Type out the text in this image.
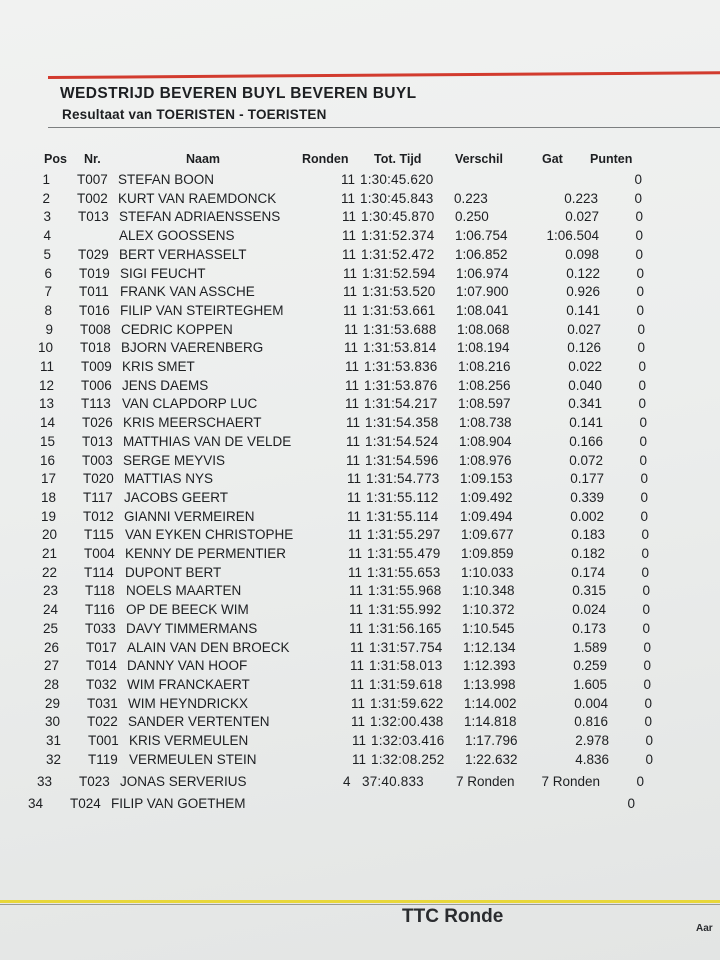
WEDSTRIJD BEVEREN BUYL BEVEREN BUYL
Resultaat van TOERISTEN - TOERISTEN
Pos Nr.	Naam	Ronden Tot. Tijd	Verschil	Gat Punten
1 T007 STEFAN BOON	11 1:30:45.620	0
2 T002 KURT VAN RAEMDONCK	11 1:30:45.843 0.223	0.223	0
3 T013 STEFAN ADRIAENSSENS	11 1:30:45.870 0.250	0.027	0
4	ALEX GOOSSENS	11 1:31:52.374 1:06.754	1:06.504	0
5 T029 BERT VERHASSELT	11 1:31:52.472 1:06.852	0.098	0
6 T019 SIGI FEUCHT	11 1:31:52.594 1:06.974	0.122	0
7 T011 FRANK VAN ASSCHE	11 1:31:53.520 1:07.900	0.926	0
8 T016 FILIP VAN STEIRTEGHEM	11 1:31:53.661 1:08.041	0.141	0
9 T008 CEDRIC KOPPEN	11 1:31:53.688 1:08.068	0.027	0
10 T018 BJORN VAERENBERG	11 1:31:53.814 1:08.194	0.126	0
11 T009 KRIS SMET	11 1:31:53.836 1:08.216	0.022	0
12 T006 JENS DAEMS	11 1:31:53.876 1:08.256	0.040	0
13 T113 VAN CLAPDORP LUC	11 1:31:54.217 1:08.597	0.341	0
14 T026 KRIS MEERSCHAERT	11 1:31:54.358 1:08.738	0.141	0
15 T013 MATTHIAS VAN DE VELDE	11 1:31:54.524 1:08.904	0.166	0
16 T003 SERGE MEYVIS	11 1:31:54.596 1:08.976	0.072	0
17 T020 MATTIAS NYS	11 1:31:54.773 1:09.153	0.177	0
18 T117 JACOBS GEERT	11 1:31:55.112 1:09.492	0.339	0
19 T012 GIANNI VERMEIREN	11 1:31:55.114 1:09.494	0.002	0
20 T115 VAN EYKEN CHRISTOPHE	11 1:31:55.297 1:09.677	0.183	0
21 T004 KENNY DE PERMENTIER	11 1:31:55.479 1:09.859	0.182	0
22 T114 DUPONT BERT	11 1:31:55.653 1:10.033	0.174	0
23 T118 NOELS MAARTEN	11 1:31:55.968 1:10.348	0.315	0
24 T116 OP DE BEECK WIM	11 1:31:55.992 1:10.372	0.024	0
25 T033 DAVY TIMMERMANS	11 1:31:56.165 1:10.545	0.173	0
26 T017 ALAIN VAN DEN BROECK	11 1:31:57.754 1:12.134	1.589	0
27 T014 DANNY VAN HOOF	11 1:31:58.013 1:12.393	0.259	0
28 T032 WIM FRANCKAERT	11 1:31:59.618 1:13.998	1.605	0
29 T031 WIM HEYNDRICKX	11 1:31:59.622 1:14.002	0.004	0
30 T022 SANDER VERTENTEN	11 1:32:00.438 1:14.818	0.816	0
31 T001 KRIS VERMEULEN	11 1:32:03.416 1:17.796	2.978	0
32 T119 VERMEULEN STEIN	11 1:32:08.252 1:22.632	4.836	0
33 T023 JONAS SERVERIUS	4 37:40.833 7 Ronden	7 Ronden	0
34 T024 FILIP VAN GOETHEM	0
TTC Ronde
Aar
